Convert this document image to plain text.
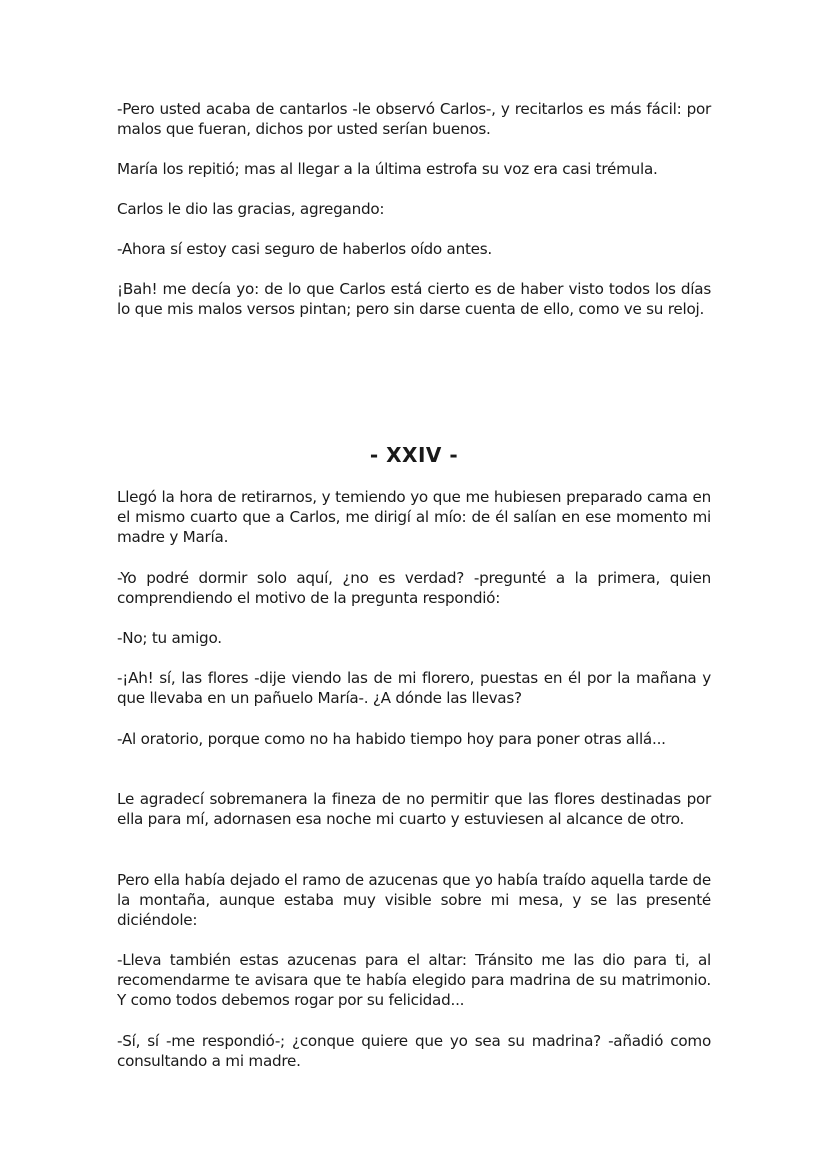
-Pero usted acaba de cantarlos -le observó Carlos-, y recitarlos es más fácil: por malos que fueran, dichos por usted serían buenos.

María los repitió; mas al llegar a la última estrofa su voz era casi trémula.

Carlos le dio las gracias, agregando:

-Ahora sí estoy casi seguro de haberlos oído antes.

¡Bah! me decía yo: de lo que Carlos está cierto es de haber visto todos los días lo que mis malos versos pintan; pero sin darse cuenta de ello, como ve su reloj.

- XXIV -

Llegó la hora de retirarnos, y temiendo yo que me hubiesen preparado cama en el mismo cuarto que a Carlos, me dirigí al mío: de él salían en ese momento mi madre y María.

-Yo podré dormir solo aquí, ¿no es verdad? -pregunté a la primera, quien comprendiendo el motivo de la pregunta respondió:

-No; tu amigo.

-¡Ah! sí, las flores -dije viendo las de mi florero, puestas en él por la mañana y que llevaba en un pañuelo María-. ¿A dónde las llevas?

-Al oratorio, porque como no ha habido tiempo hoy para poner otras allá...

Le agradecí sobremanera la fineza de no permitir que las flores destinadas por ella para mí, adornasen esa noche mi cuarto y estuviesen al alcance de otro.

Pero ella había dejado el ramo de azucenas que yo había traído aquella tarde de la montaña, aunque estaba muy visible sobre mi mesa, y se las presenté diciéndole:

-Lleva también estas azucenas para el altar: Tránsito me las dio para ti, al recomendarme te avisara que te había elegido para madrina de su matrimonio. Y como todos debemos rogar por su felicidad...

-Sí, sí -me respondió-; ¿conque quiere que yo sea su madrina? -añadió como consultando a mi madre.
